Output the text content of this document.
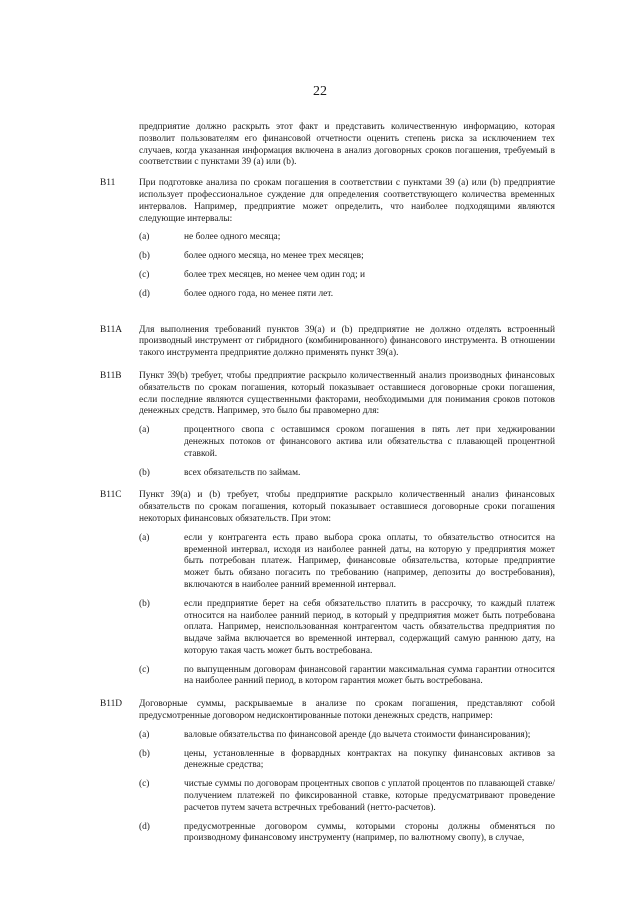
22
предприятие должно раскрыть этот факт и представить количественную информацию, которая позволит пользователям его финансовой отчетности оценить степень риска за исключением тех случаев, когда указанная информация включена в анализ договорных сроков погашения, требуемый в соответствии с пунктами 39 (a) или (b).
B11	При подготовке анализа по срокам погашения в соответствии с пунктами 39 (a) или (b) предприятие использует профессиональное суждение для определения соответствующего количества временных интервалов. Например, предприятие может определить, что наиболее подходящими являются следующие интервалы:
(a)	не более одного месяца;
(b)	более одного месяца, но менее трех месяцев;
(c)	более трех месяцев, но менее чем один год; и
(d)	более одного года, но менее пяти лет.
B11A Для выполнения требований пунктов 39(a) и (b) предприятие не должно отделять встроенный производный инструмент от гибридного (комбинированного) финансового инструмента. В отношении такого инструмента предприятие должно применять пункт 39(a).
B11B Пункт 39(b) требует, чтобы предприятие раскрыло количественный анализ производных финансовых обязательств по срокам погашения, который показывает оставшиеся договорные сроки погашения, если последние являются существенными факторами, необходимыми для понимания сроков потоков денежных средств. Например, это было бы правомерно для:
(a)	процентного свопа с оставшимся сроком погашения в пять лет при хеджировании денежных потоков от финансового актива или обязательства с плавающей процентной ставкой.
(b)	всех обязательств по займам.
B11C Пункт 39(a) и (b) требует, чтобы предприятие раскрыло количественный анализ финансовых обязательств по срокам погашения, который показывает оставшиеся договорные сроки погашения некоторых финансовых обязательств. При этом:
(a)	если у контрагента есть право выбора срока оплаты, то обязательство относится на временной интервал, исходя из наиболее ранней даты, на которую у предприятия может быть потребован платеж. Например, финансовые обязательства, которые предприятие может быть обязано погасить по требованию (например, депозиты до востребования), включаются в наиболее ранний временной интервал.
(b)	если предприятие берет на себя обязательство платить в рассрочку, то каждый платеж относится на наиболее ранний период, в который у предприятия может быть потребована оплата. Например, неиспользованная контрагентом часть обязательства предприятия по выдаче займа включается во временной интервал, содержащий самую раннюю дату, на которую такая часть может быть востребована.
(c)	по выпущенным договорам финансовой гарантии максимальная сумма гарантии относится на наиболее ранний период, в котором гарантия может быть востребована.
B11D Договорные суммы, раскрываемые в анализе по срокам погашения, представляют собой предусмотренные договором недисконтированные потоки денежных средств, например:
(a)	валовые обязательства по финансовой аренде (до вычета стоимости финансирования);
(b)	цены, установленные в форвардных контрактах на покупку финансовых активов за денежные средства;
(c)	чистые суммы по договорам процентных свопов с уплатой процентов по плавающей ставке/получением платежей по фиксированной ставке, которые предусматривают проведение расчетов путем зачета встречных требований (нетто-расчетов).
(d)	предусмотренные договором суммы, которыми стороны должны обменяться по производному финансовому инструменту (например, по валютному свопу), в случае,
